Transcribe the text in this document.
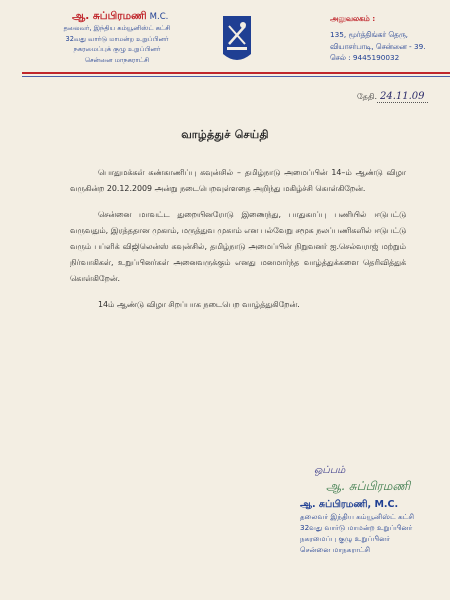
ஆ. சுப்பிரமணி M.C.
தலைவர், இந்திய கம்யூனிஸ்ட் கட்சி
32வது வார்டு மாமன்ற உறுப்பினர்
நகரமைப்புக் குழு உறுப்பினர்
சென்னை மாநகராட்சி
அலுவலகம் :
135, மூர்த்திங்கர் தெரு,
வியாசர்பாடி, சென்னை - 39.
செல் : 9445190032
தேதி. 24.11.09
வாழ்த்துச் செய்தி

பொதுமக்கள் கண்காணிப்பு கவுன்சில் – தமிழ்நாடு அமைப்பின் 14–ம் ஆண்டு விழா வருகின்ற 20.12.2009 அன்று நடைபெறவுள்ளதை அறிந்து மகிழ்ச்சி கொள்கிறேன்.

சென்னை மாவட்ட துறையினரோடு இணைந்து, பாதுகாப்பு பணியில் ஈடுபட்டு வருவதும், இரத்ததான முகாம், மருத்துவ முகாம் என பல்வேறு சமூக நலப்பணிகளில் ஈடுபட்டு வரும் பப்ளிக் விஜிலென்ஸ் கவுன்சில், தமிழ்நாடு அமைப்பின் நிறுவனர் ஐ.செல்வராஜ் மற்றும் நிர்வாகிகள், உறுப்பினர்கள் அனைவருக்கும் எனது மனமார்ந்த வாழ்த்துக்களை தெரிவித்துக் கொள்கிறேன்.

14ம் ஆண்டு விழா சிறப்பாக நடைபெற வாழ்த்துகிறேன்.

ஒப்பம்
ஆ. சுப்பிரமணி
ஆ. சுப்பிரமணி, M.C.
தலைவர் இந்திய கம்யூனிஸ்ட் கட்சி
32வது வார்டு மாமன்ற உறுப்பினர்
நகரமைப்பு குழு உறுப்பினர்
சென்னை மாநகராட்சி
